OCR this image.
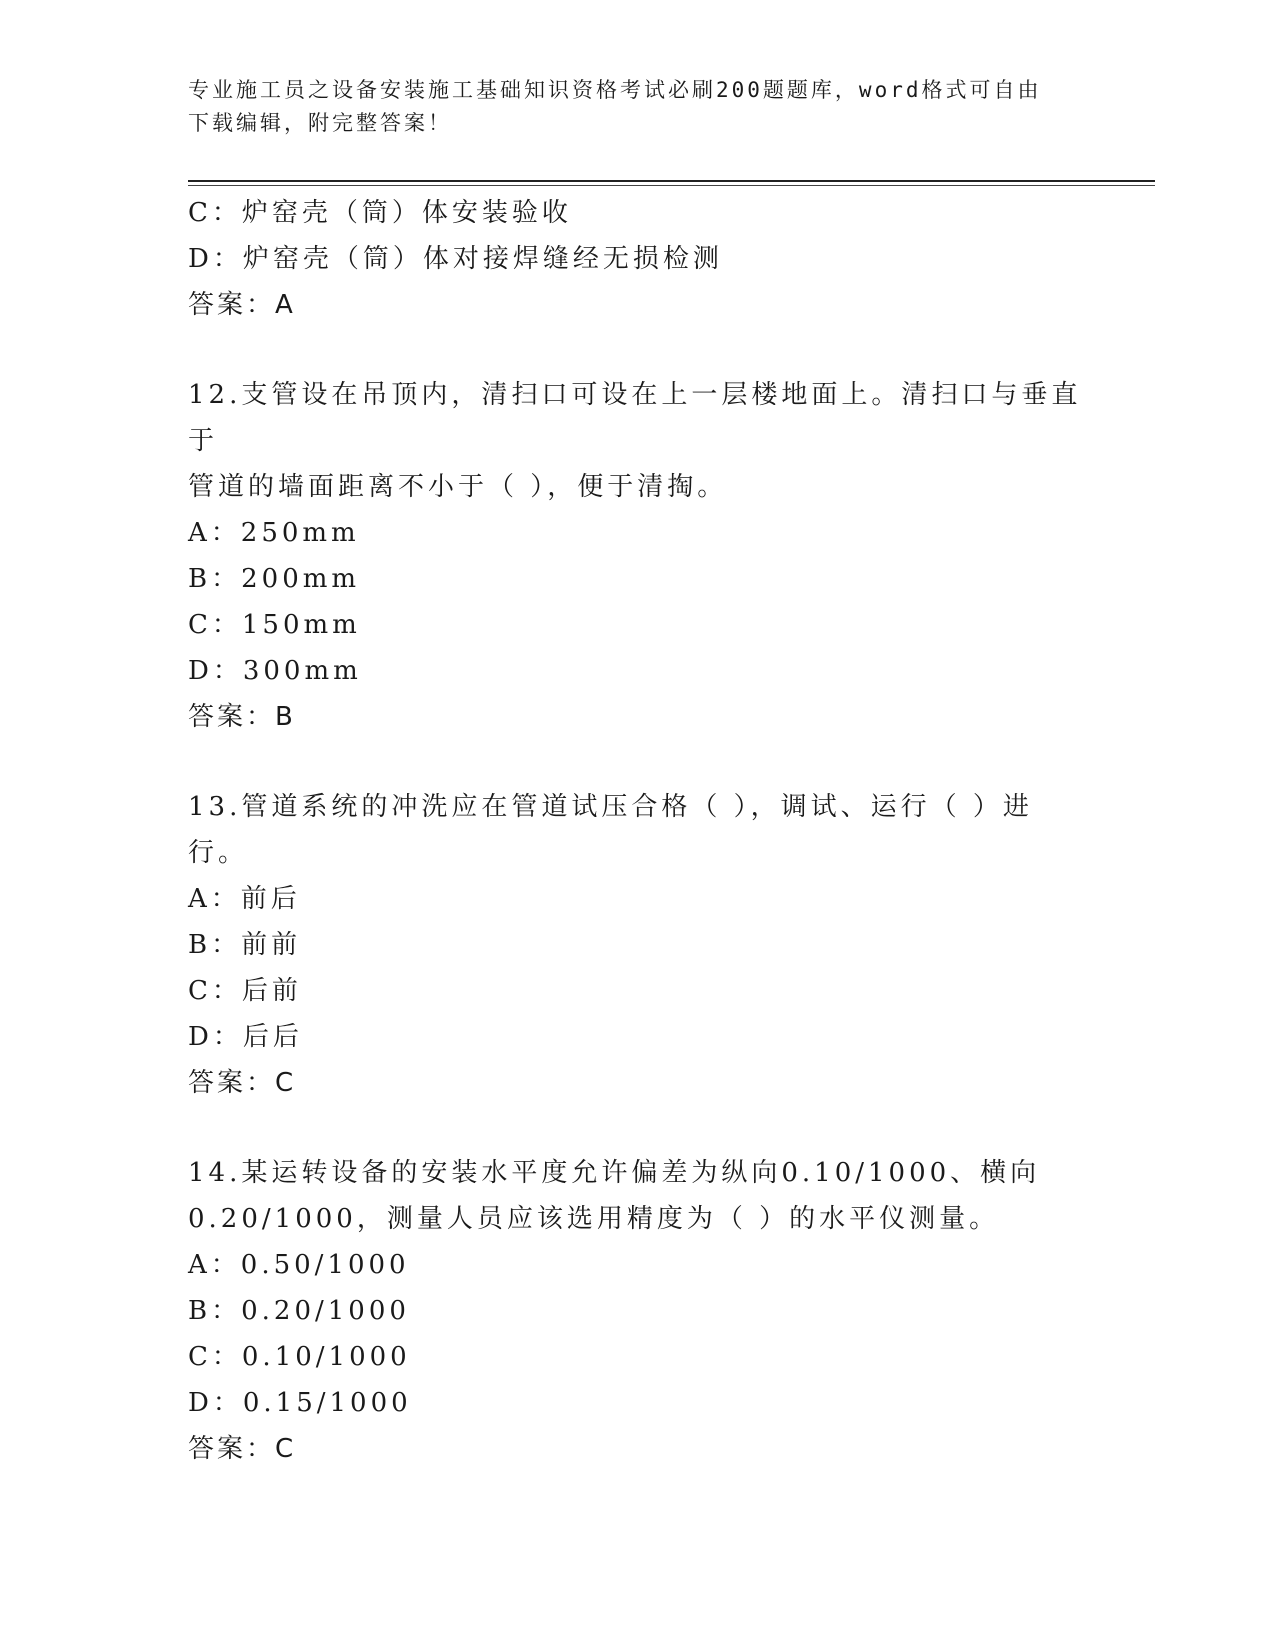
专业施工员之设备安装施工基础知识资格考试必刷200题题库，word格式可自由
下载编辑，附完整答案！
C：炉窑壳（筒）体安装验收
D：炉窑壳（筒）体对接焊缝经无损检测
答案：A
12.支管设在吊顶内，清扫口可设在上一层楼地面上。清扫口与垂直于
管道的墙面距离不小于（ ），便于清掏。
A：250mm
B：200mm
C：150mm
D：300mm
答案：B
13.管道系统的冲洗应在管道试压合格（ ），调试、运行（ ）进行。
A：前后
B：前前
C：后前
D：后后
答案：C
14.某运转设备的安装水平度允许偏差为纵向0.10/1000、横向
0.20/1000，测量人员应该选用精度为（ ）的水平仪测量。
A：0.50/1000
B：0.20/1000
C：0.10/1000
D：0.15/1000
答案：C
